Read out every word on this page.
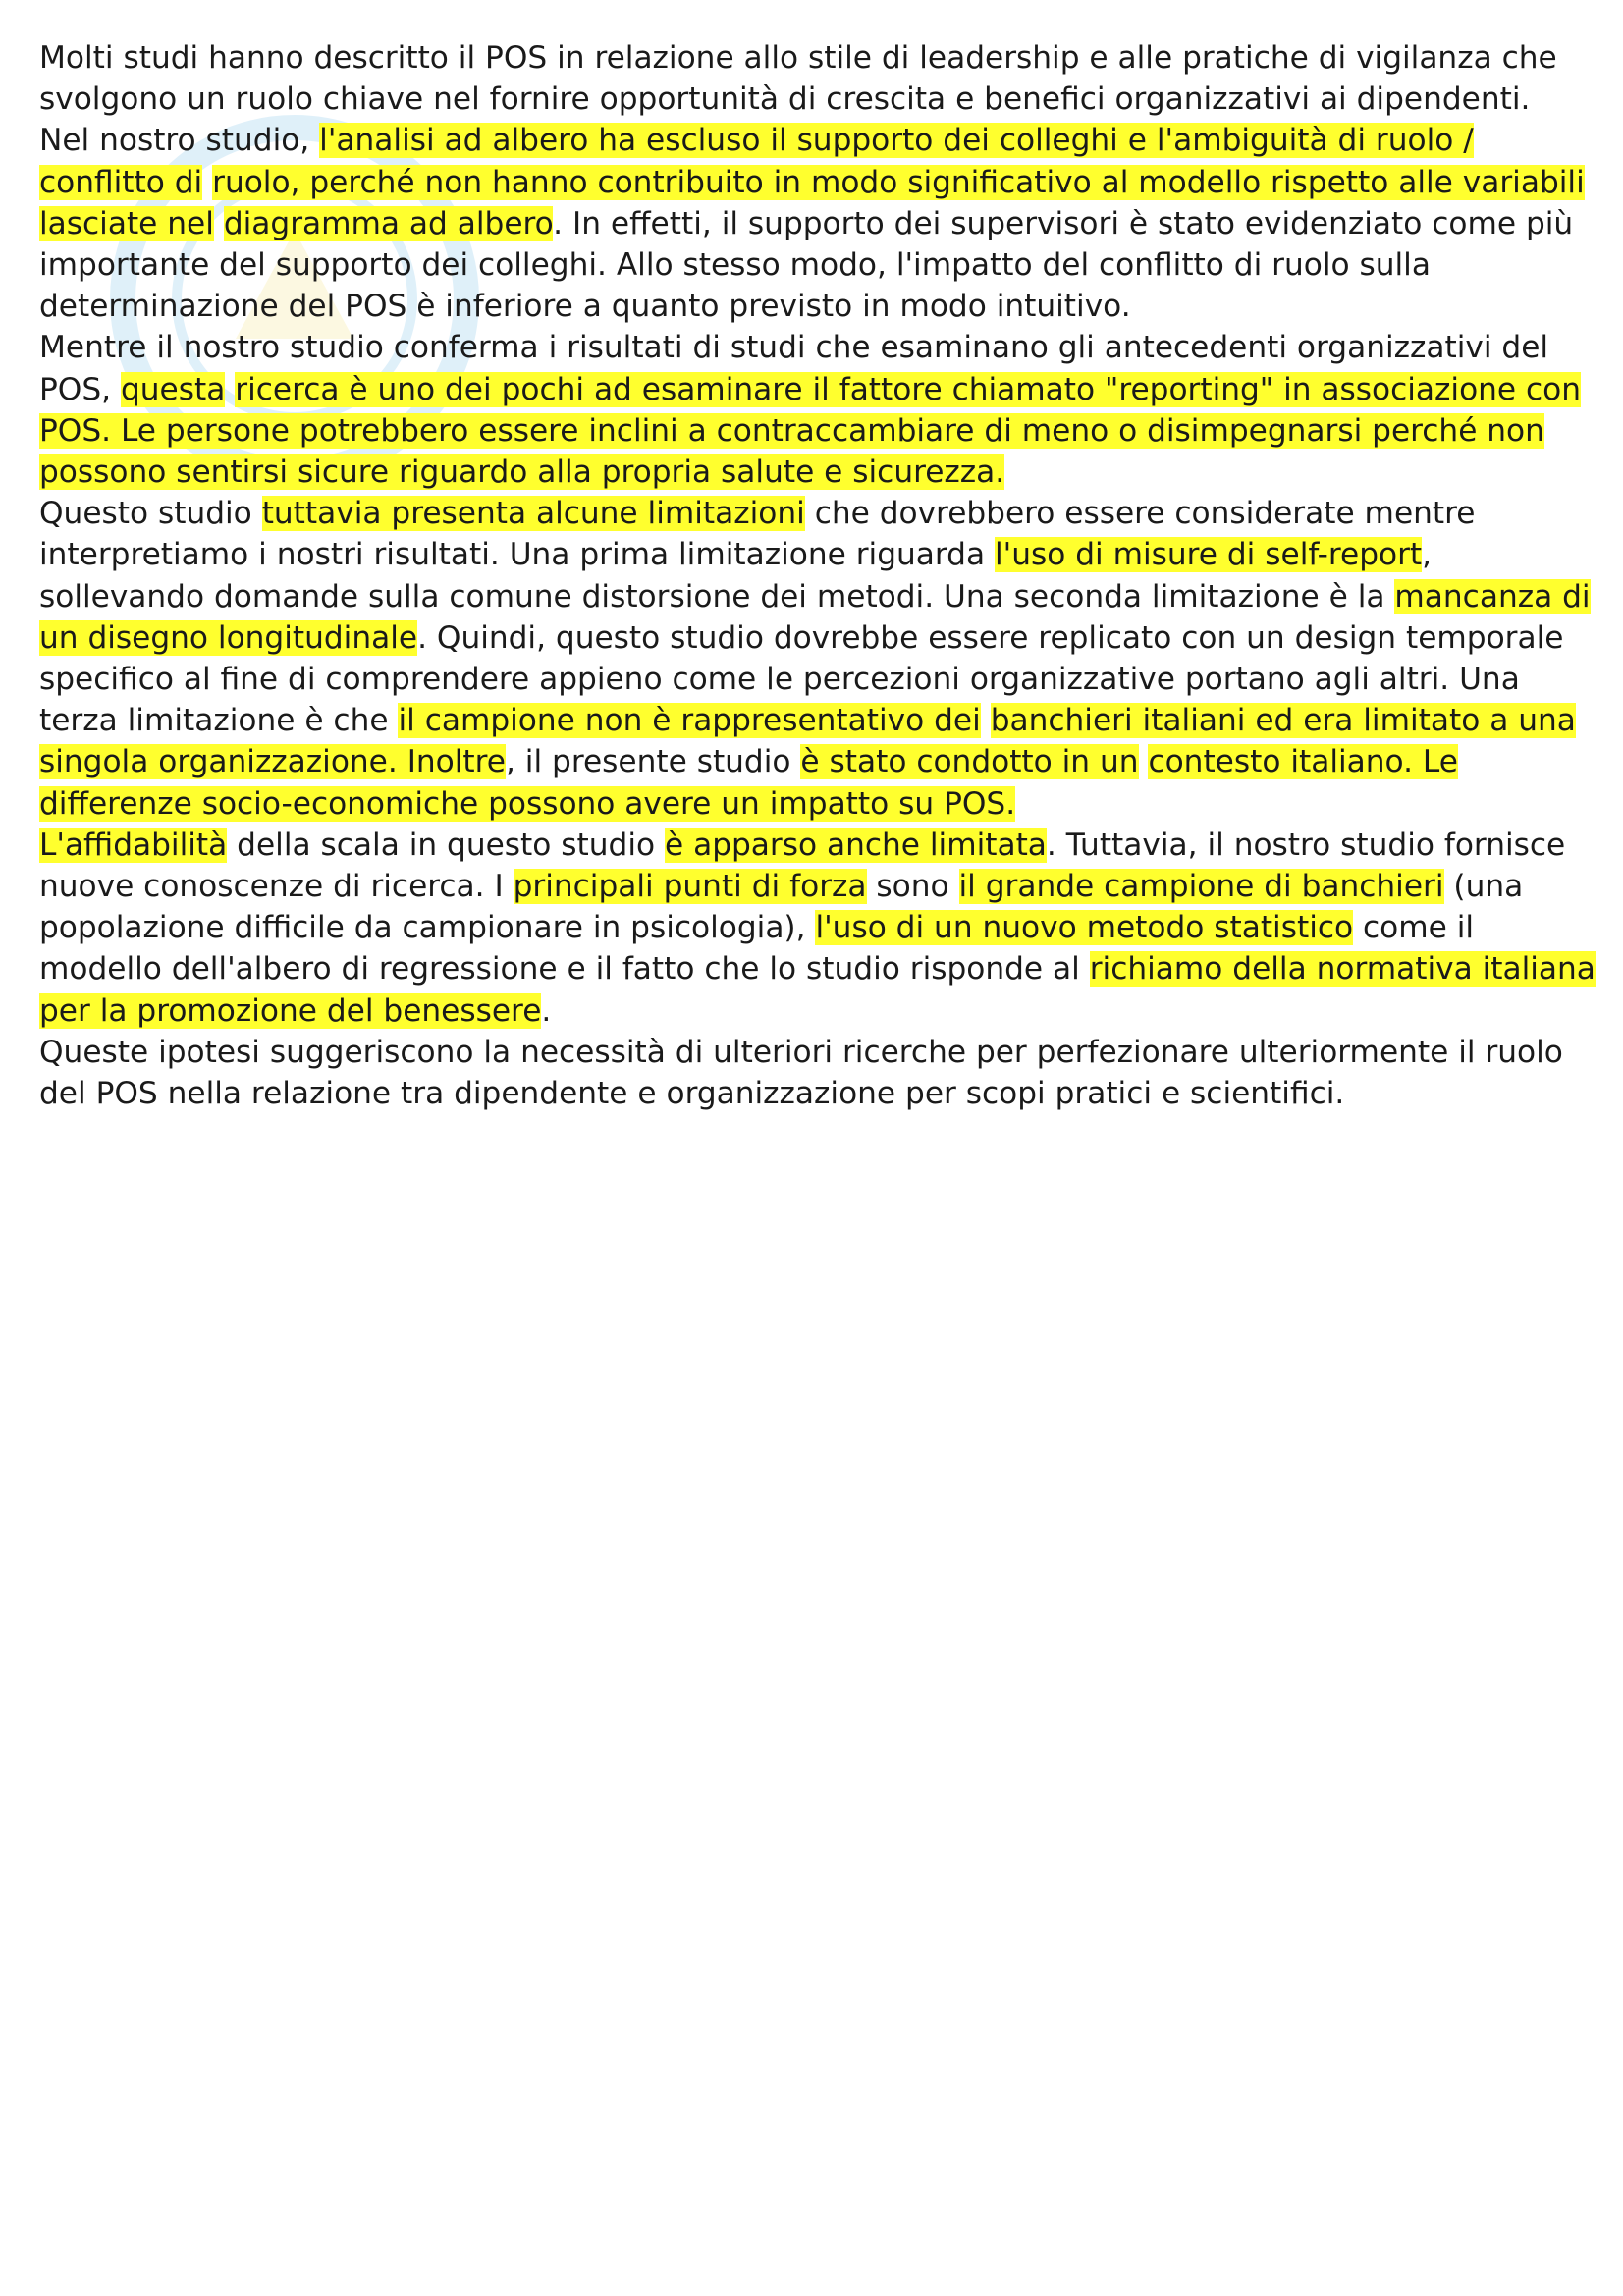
Molti studi hanno descritto il POS in relazione allo stile di leadership e alle pratiche di vigilanza che svolgono un ruolo chiave nel fornire opportunità di crescita e benefici organizzativi ai dipendenti.

Nel nostro studio, l'analisi ad albero ha escluso il supporto dei colleghi e l'ambiguità di ruolo / conflitto di ruolo, perché non hanno contribuito in modo significativo al modello rispetto alle variabili lasciate nel diagramma ad albero. In effetti, il supporto dei supervisori è stato evidenziato come più importante del supporto dei colleghi. Allo stesso modo, l'impatto del conflitto di ruolo sulla determinazione del POS è inferiore a quanto previsto in modo intuitivo.

Mentre il nostro studio conferma i risultati di studi che esaminano gli antecedenti organizzativi del POS, questa ricerca è uno dei pochi ad esaminare il fattore chiamato "reporting" in associazione con POS. Le persone potrebbero essere inclini a contraccambiare di meno o disimpegnarsi perché non possono sentirsi sicure riguardo alla propria salute e sicurezza.

Questo studio tuttavia presenta alcune limitazioni che dovrebbero essere considerate mentre interpretiamo i nostri risultati. Una prima limitazione riguarda l'uso di misure di self-report, sollevando domande sulla comune distorsione dei metodi. Una seconda limitazione è la mancanza di un disegno longitudinale. Quindi, questo studio dovrebbe essere replicato con un design temporale specifico al fine di comprendere appieno come le percezioni organizzative portano agli altri. Una terza limitazione è che il campione non è rappresentativo dei banchieri italiani ed era limitato a una singola organizzazione. Inoltre, il presente studio è stato condotto in un contesto italiano. Le differenze socio-economiche possono avere un impatto su POS.

L'affidabilità della scala in questo studio è apparso anche limitata. Tuttavia, il nostro studio fornisce nuove conoscenze di ricerca. I principali punti di forza sono il grande campione di banchieri (una popolazione difficile da campionare in psicologia), l'uso di un nuovo metodo statistico come il modello dell'albero di regressione e il fatto che lo studio risponde al richiamo della normativa italiana per la promozione del benessere.

Queste ipotesi suggeriscono la necessità di ulteriori ricerche per perfezionare ulteriormente il ruolo del POS nella relazione tra dipendente e organizzazione per scopi pratici e scientifici.
